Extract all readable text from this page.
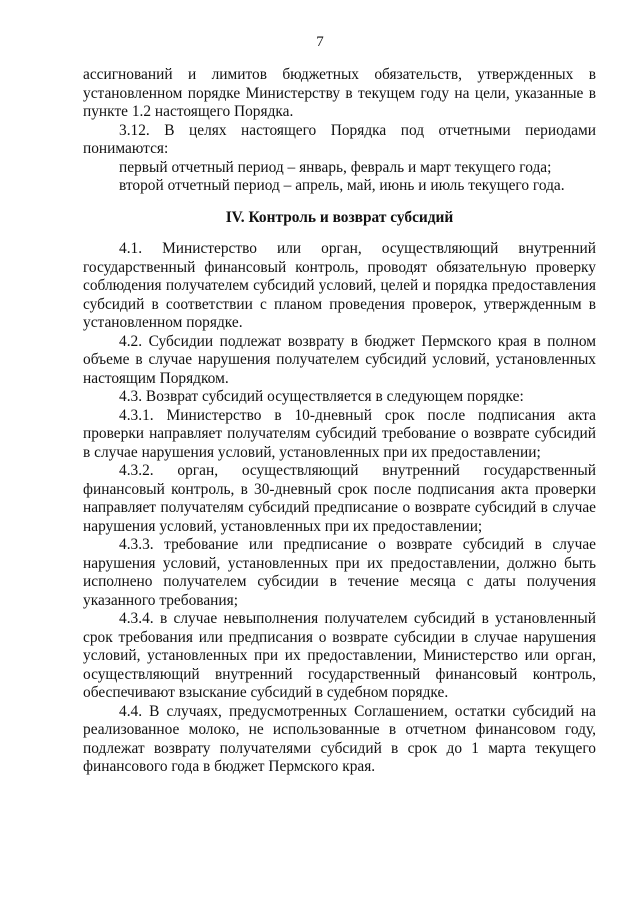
7

ассигнований и лимитов бюджетных обязательств, утвержденных в установленном порядке Министерству в текущем году на цели, указанные в пункте 1.2 настоящего Порядка.

3.12. В целях настоящего Порядка под отчетными периодами понимаются:

первый отчетный период – январь, февраль и март текущего года;

второй отчетный период – апрель, май, июнь и июль текущего года.

IV. Контроль и возврат субсидий

4.1. Министерство или орган, осуществляющий внутренний государственный финансовый контроль, проводят обязательную проверку соблюдения получателем субсидий условий, целей и порядка предоставления субсидий в соответствии с планом проведения проверок, утвержденным в установленном порядке.

4.2. Субсидии подлежат возврату в бюджет Пермского края в полном объеме в случае нарушения получателем субсидий условий, установленных настоящим Порядком.

4.3. Возврат субсидий осуществляется в следующем порядке:

4.3.1. Министерство в 10-дневный срок после подписания акта проверки направляет получателям субсидий требование о возврате субсидий в случае нарушения условий, установленных при их предоставлении;

4.3.2. орган, осуществляющий внутренний государственный финансовый контроль, в 30-дневный срок после подписания акта проверки направляет получателям субсидий предписание о возврате субсидий в случае нарушения условий, установленных при их предоставлении;

4.3.3. требование или предписание о возврате субсидий в случае нарушения условий, установленных при их предоставлении, должно быть исполнено получателем субсидии в течение месяца с даты получения указанного требования;

4.3.4. в случае невыполнения получателем субсидий в установленный срок требования или предписания о возврате субсидии в случае нарушения условий, установленных при их предоставлении, Министерство или орган, осуществляющий внутренний государственный финансовый контроль, обеспечивают взыскание субсидий в судебном порядке.

4.4. В случаях, предусмотренных Соглашением, остатки субсидий на реализованное молоко, не использованные в отчетном финансовом году, подлежат возврату получателями субсидий в срок до 1 марта текущего финансового года в бюджет Пермского края.
